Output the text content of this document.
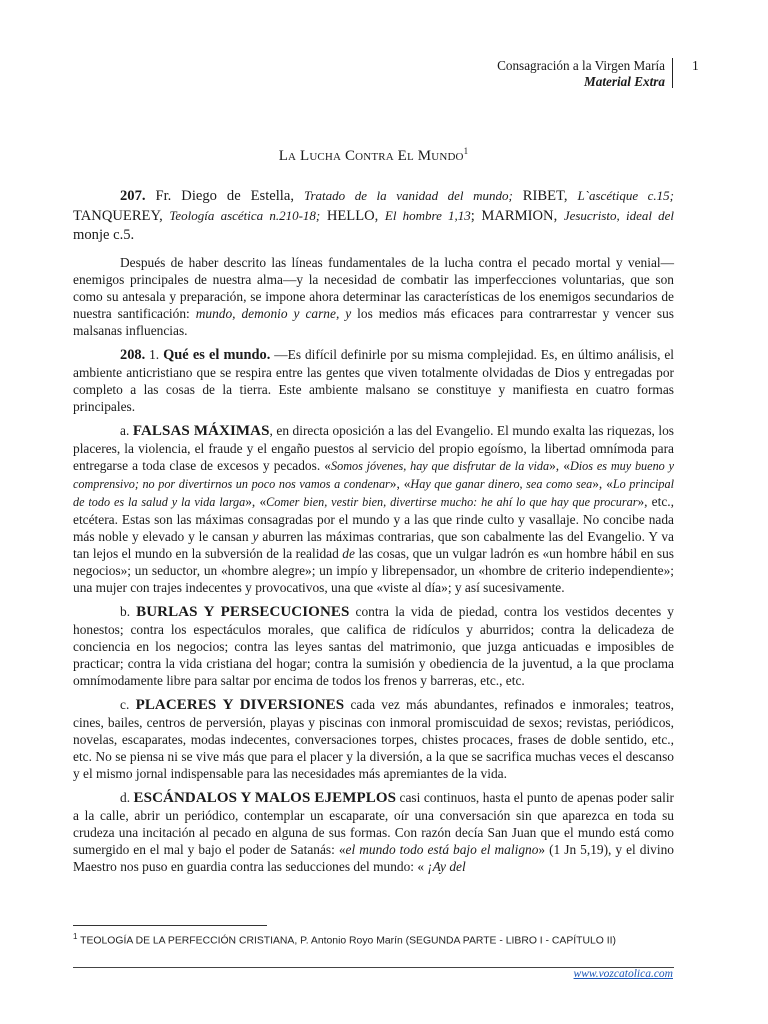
Consagración a la Virgen María
Material Extra
1
La Lucha Contra El Mundo$^1$

207. Fr. Diego de Estella, Tratado de la vanidad del mundo; RIBET, L`ascétique c.15; TANQUEREY, Teología ascética n.210-18; HELLO, El hombre 1,13; MARMION, Jesucristo, ideal del monje c.5.

Después de haber descrito las líneas fundamentales de la lucha contra el pecado mortal y venial—enemigos principales de nuestra alma—y la necesidad de combatir las imperfecciones voluntarias, que son como su antesala y preparación, se impone ahora determinar las características de los enemigos secundarios de nuestra santificación: mundo, demonio y carne, y los medios más eficaces para contrarrestar y vencer sus malsanas influencias.

208. 1. Qué es el mundo. —Es difícil definirle por su misma complejidad. Es, en último análisis, el ambiente anticristiano que se respira entre las gentes que viven totalmente olvidadas de Dios y entregadas por completo a las cosas de la tierra. Este ambiente malsano se constituye y manifiesta en cuatro formas principales.

a. FALSAS MÁXIMAS, en directa oposición a las del Evangelio. El mundo exalta las riquezas, los placeres, la violencia, el fraude y el engaño puestos al servicio del propio egoísmo, la libertad omnímoda para entregarse a toda clase de excesos y pecados. «Somos jóvenes, hay que disfrutar de la vida», «Dios es muy bueno y comprensivo; no por divertirnos un poco nos vamos a condenar», «Hay que ganar dinero, sea como sea», «Lo principal de todo es la salud y la vida larga», «Comer bien, vestir bien, divertirse mucho: he ahí lo que hay que procurar», etc., etcétera. Estas son las máximas consagradas por el mundo y a las que rinde culto y vasallaje. No concibe nada más noble y elevado y le cansan y aburren las máximas contrarias, que son cabalmente las del Evangelio. Y va tan lejos el mundo en la subversión de la realidad de las cosas, que un vulgar ladrón es «un hombre hábil en sus negocios»; un seductor, un «hombre alegre»; un impío y librepensador, un «hombre de criterio independiente»; una mujer con trajes indecentes y provocativos, una que «viste al día»; y así sucesivamente.

b. BURLAS Y PERSECUCIONES contra la vida de piedad, contra los vestidos decentes y honestos; contra los espectáculos morales, que califica de ridículos y aburridos; contra la delicadeza de conciencia en los negocios; contra las leyes santas del matrimonio, que juzga anticuadas e imposibles de practicar; contra la vida cristiana del hogar; contra la sumisión y obediencia de la juventud, a la que proclama omnímodamente libre para saltar por encima de todos los frenos y barreras, etc., etc.

c. PLACERES Y DIVERSIONES cada vez más abundantes, refinados e inmorales; teatros, cines, bailes, centros de perversión, playas y piscinas con inmoral promiscuidad de sexos; revistas, periódicos, novelas, escaparates, modas indecentes, conversaciones torpes, chistes procaces, frases de doble sentido, etc., etc. No se piensa ni se vive más que para el placer y la diversión, a la que se sacrifica muchas veces el descanso y el mismo jornal indispensable para las necesidades más apremiantes de la vida.

d. ESCÁNDALOS Y MALOS EJEMPLOS casi continuos, hasta el punto de apenas poder salir a la calle, abrir un periódico, contemplar un escaparate, oír una conversación sin que aparezca en toda su crudeza una incitación al pecado en alguna de sus formas. Con razón decía San Juan que el mundo está como sumergido en el mal y bajo el poder de Satanás: «el mundo todo está bajo el maligno» (1 Jn 5,19), y el divino Maestro nos puso en guardia contra las seducciones del mundo: « ¡Ay del

$^1$ TEOLOGÍA DE LA PERFECCIÓN CRISTIANA, P. Antonio Royo Marín (SEGUNDA PARTE - LIBRO I - CAPÍTULO II)
www.vozcatolica.com
